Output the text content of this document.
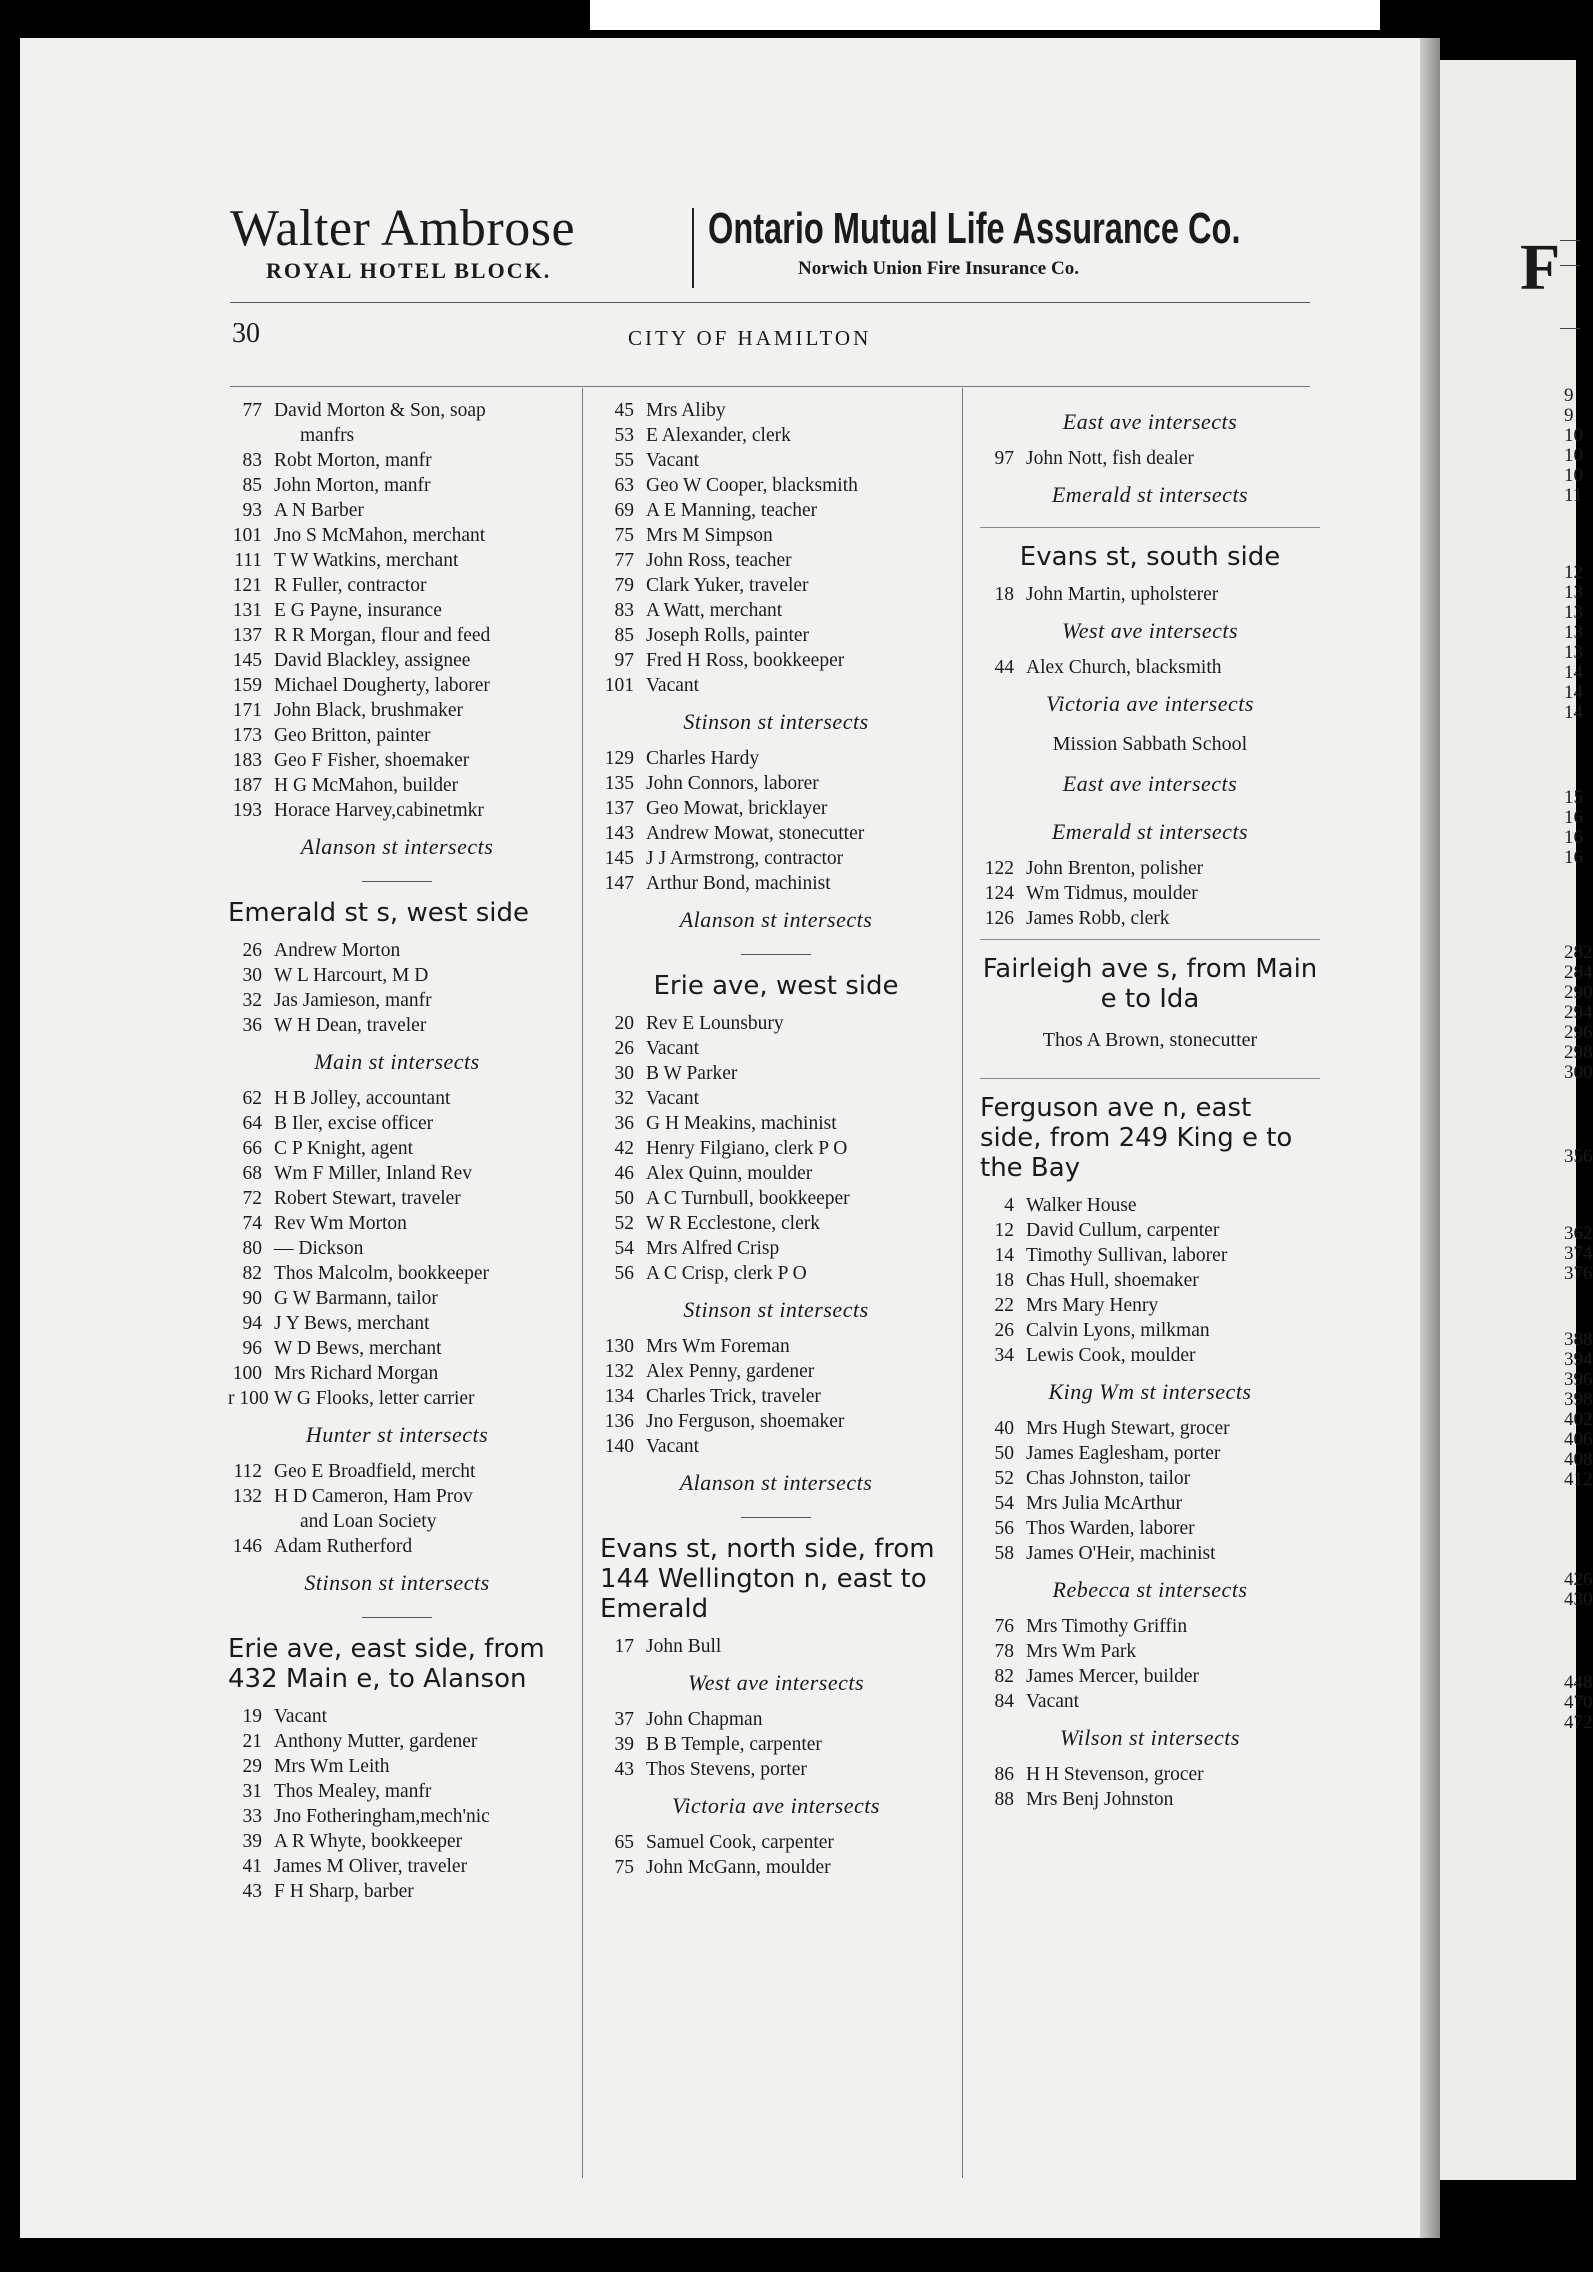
F
9
9
10
10
10
11
12
13
13
13
13
14
14
14
15
16
16
16
282
284
290
294
296
298
300
356
362
374
376
388
394
396
398
402
406
408
412
426
430
448
470
472
Walter Ambrose
ROYAL HOTEL BLOCK.
Ontario Mutual Life Assurance Co.
Norwich Union Fire Insurance Co.
30	CITY OF HAMILTON
77 David Morton & Son, soap
manfrs
83 Robt Morton, manfr
85 John Morton, manfr
93 A N Barber
101 Jno S McMahon, merchant
111 T W Watkins, merchant
121 R Fuller, contractor
131 E G Payne, insurance
137 R R Morgan, flour and feed
145 David Blackley, assignee
159 Michael Dougherty, laborer
171 John Black, brushmaker
173 Geo Britton, painter
183 Geo F Fisher, shoemaker
187 H G McMahon, builder
193 Horace Harvey,cabinetmkr
Alanson st intersects
Emerald st s, west side
26 Andrew Morton
30 W L Harcourt, M D
32 Jas Jamieson, manfr
36 W H Dean, traveler
Main st intersects
62 H B Jolley, accountant
64 B Iler, excise officer
66 C P Knight, agent
68 Wm F Miller, Inland Rev
72 Robert Stewart, traveler
74 Rev Wm Morton
80 — Dickson
82 Thos Malcolm, bookkeeper
90 G W Barmann, tailor
94 J Y Bews, merchant
96 W D Bews, merchant
100 Mrs Richard Morgan
r 100 W G Flooks, letter carrier
Hunter st intersects
112 Geo E Broadfield, mercht
132 H D Cameron, Ham Prov
and Loan Society
146 Adam Rutherford
Stinson st intersects
Erie ave, east side, from 432 Main e, to Alanson
19 Vacant
21 Anthony Mutter, gardener
29 Mrs Wm Leith
31 Thos Mealey, manfr
33 Jno Fotheringham,mech'nic
39 A R Whyte, bookkeeper
41 James M Oliver, traveler
43 F H Sharp, barber
45 Mrs Aliby
53 E Alexander, clerk
55 Vacant
63 Geo W Cooper, blacksmith
69 A E Manning, teacher
75 Mrs M Simpson
77 John Ross, teacher
79 Clark Yuker, traveler
83 A Watt, merchant
85 Joseph Rolls, painter
97 Fred H Ross, bookkeeper
101 Vacant
Stinson st intersects
129 Charles Hardy
135 John Connors, laborer
137 Geo Mowat, bricklayer
143 Andrew Mowat, stonecutter
145 J J Armstrong, contractor
147 Arthur Bond, machinist
Alanson st intersects
Erie ave, west side
20 Rev E Lounsbury
26 Vacant
30 B W Parker
32 Vacant
36 G H Meakins, machinist
42 Henry Filgiano, clerk P O
46 Alex Quinn, moulder
50 A C Turnbull, bookkeeper
52 W R Ecclestone, clerk
54 Mrs Alfred Crisp
56 A C Crisp, clerk P O
Stinson st intersects
130 Mrs Wm Foreman
132 Alex Penny, gardener
134 Charles Trick, traveler
136 Jno Ferguson, shoemaker
140 Vacant
Alanson st intersects
Evans st, north side, from 144 Wellington n, east to Emerald
17 John Bull
West ave intersects
37 John Chapman
39 B B Temple, carpenter
43 Thos Stevens, porter
Victoria ave intersects
65 Samuel Cook, carpenter
75 John McGann, moulder
East ave intersects
97 John Nott, fish dealer
Emerald st intersects
Evans st, south side
18 John Martin, upholsterer
West ave intersects
44 Alex Church, blacksmith
Victoria ave intersects
Mission Sabbath School
East ave intersects
Emerald st intersects
122 John Brenton, polisher
124 Wm Tidmus, moulder
126 James Robb, clerk
Fairleigh ave s, from Main e to Ida
Thos A Brown, stonecutter
Ferguson ave n, east side, from 249 King e to the Bay
4 Walker House
12 David Cullum, carpenter
14 Timothy Sullivan, laborer
18 Chas Hull, shoemaker
22 Mrs Mary Henry
26 Calvin Lyons, milkman
34 Lewis Cook, moulder
King Wm st intersects
40 Mrs Hugh Stewart, grocer
50 James Eaglesham, porter
52 Chas Johnston, tailor
54 Mrs Julia McArthur
56 Thos Warden, laborer
58 James O'Heir, machinist
Rebecca st intersects
76 Mrs Timothy Griffin
78 Mrs Wm Park
82 James Mercer, builder
84 Vacant
Wilson st intersects
86 H H Stevenson, grocer
88 Mrs Benj Johnston
